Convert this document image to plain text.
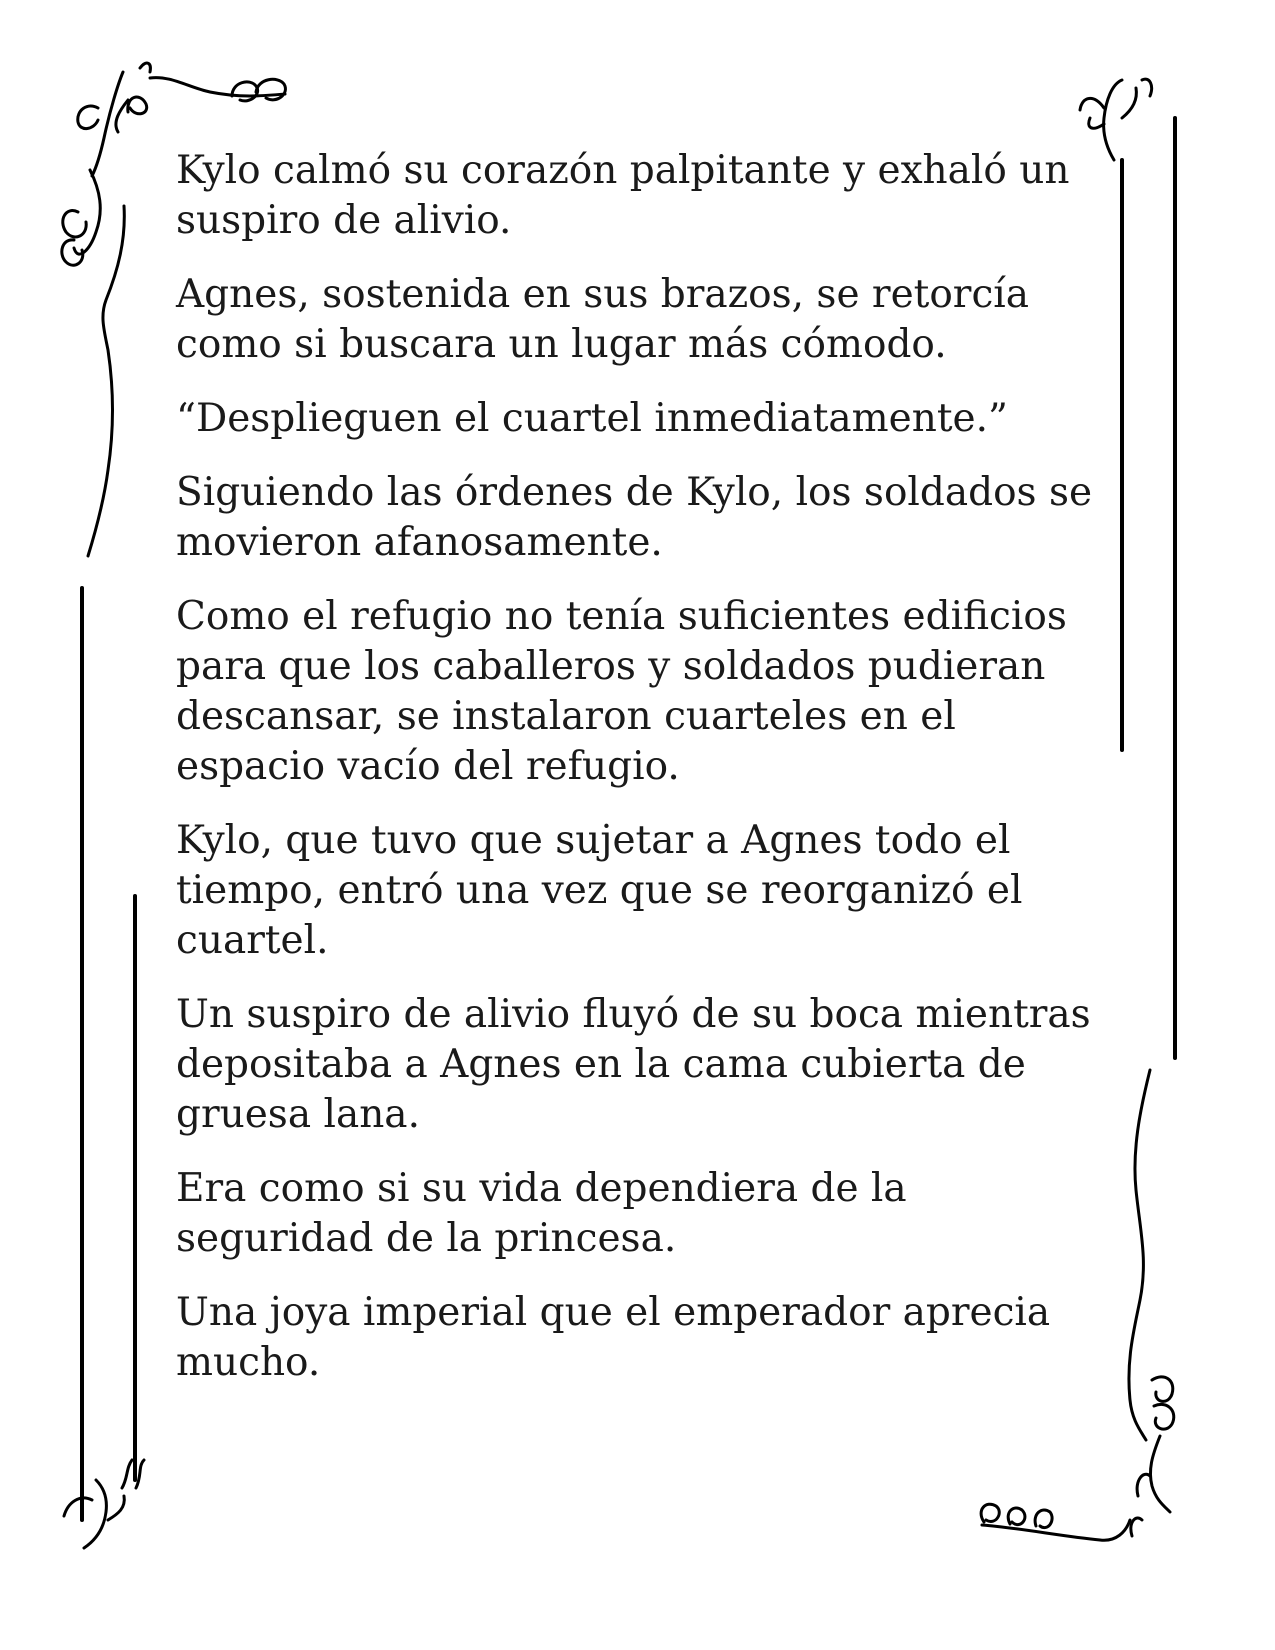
Kylo calmó su corazón palpitante y exhaló un suspiro de alivio.

Agnes, sostenida en sus brazos, se retorcía como si buscara un lugar más cómodo.

“Desplieguen el cuartel inmediatamente.”

Siguiendo las órdenes de Kylo, los soldados se movieron afanosamente.

Como el refugio no tenía suficientes edificios para que los caballeros y soldados pudieran descansar, se instalaron cuarteles en el espacio vacío del refugio.

Kylo, que tuvo que sujetar a Agnes todo el tiempo, entró una vez que se reorganizó el cuartel.

Un suspiro de alivio fluyó de su boca mientras depositaba a Agnes en la cama cubierta de gruesa lana.

Era como si su vida dependiera de la seguridad de la princesa.

Una joya imperial que el emperador aprecia mucho.
